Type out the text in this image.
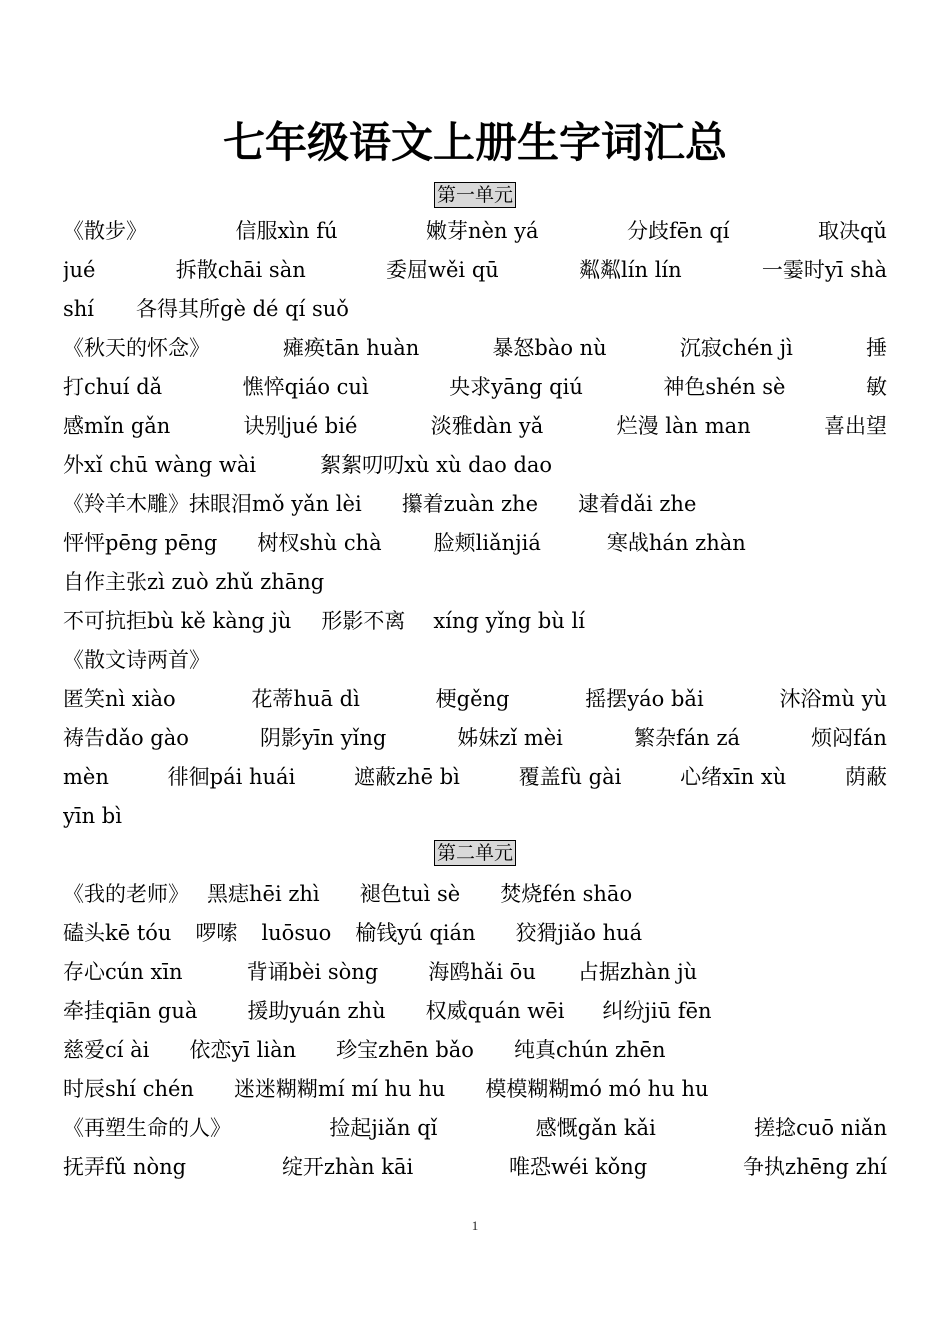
七年级语文上册生字词汇总
第一单元
《散步》	信服xìn fú	嫩芽nèn yá	分歧fēn qí	取决qǔ
jué	拆散chāi sàn	委屈wěi qū	粼粼lín lín	一霎时yī shà
shí 各得其所gè dé qí suǒ
《秋天的怀念》	瘫痪tān huàn	暴怒bào nù	沉寂chén jì	捶
打chuí dǎ	憔悴qiáo cuì	央求yāng qiú	神色shén sè	敏
感mǐn gǎn	诀别jué bié	淡雅dàn yǎ	烂漫 làn man	喜出望
外xǐ chū wàng wài	絮絮叨叨xù xù dao dao
《羚羊木雕》抹眼泪mǒ yǎn lèi 攥着zuàn zhe 逮着dǎi zhe
怦怦pēng pēng 树杈shù chà 脸颊liǎnjiá	寒战hán zhàn
自作主张zì zuò zhǔ zhāng
不可抗拒bù kě kàng jù 形影不离 xíng yǐng bù lí
《散文诗两首》
匿笑nì xiào	花蒂huā dì	梗gěng	摇摆yáo bǎi	沐浴mù yù
祷告dǎo gào	阴影yīn yǐng	姊妹zǐ mèi	繁杂fán zá	烦闷fán
mèn	徘徊pái huái	遮蔽zhē bì	覆盖fù gài	心绪xīn xù	荫蔽
yīn bì
第二单元
《我的老师》 黑痣hēi zhì 褪色tuì sè 焚烧fén shāo
磕头kē tóu 啰嗦 luōsuo 榆钱yú qián 狡猾jiǎo huá
存心cún xīn	背诵bèi sòng 海鸥hǎi ōu 占据zhàn jù
牵挂qiān guà 援助yuán zhù 权威quán wēi 纠纷jiū fēn
慈爱cí ài 依恋yī liàn 珍宝zhēn bǎo 纯真chún zhēn
时辰shí chén 迷迷糊糊mí mí hu hu 模模糊糊mó mó hu hu
《再塑生命的人》	捡起jiǎn qǐ	感慨gǎn kǎi	搓捻cuō niǎn
抚弄fǔ nòng	绽开zhàn kāi	唯恐wéi kǒng	争执zhēng zhí
1
